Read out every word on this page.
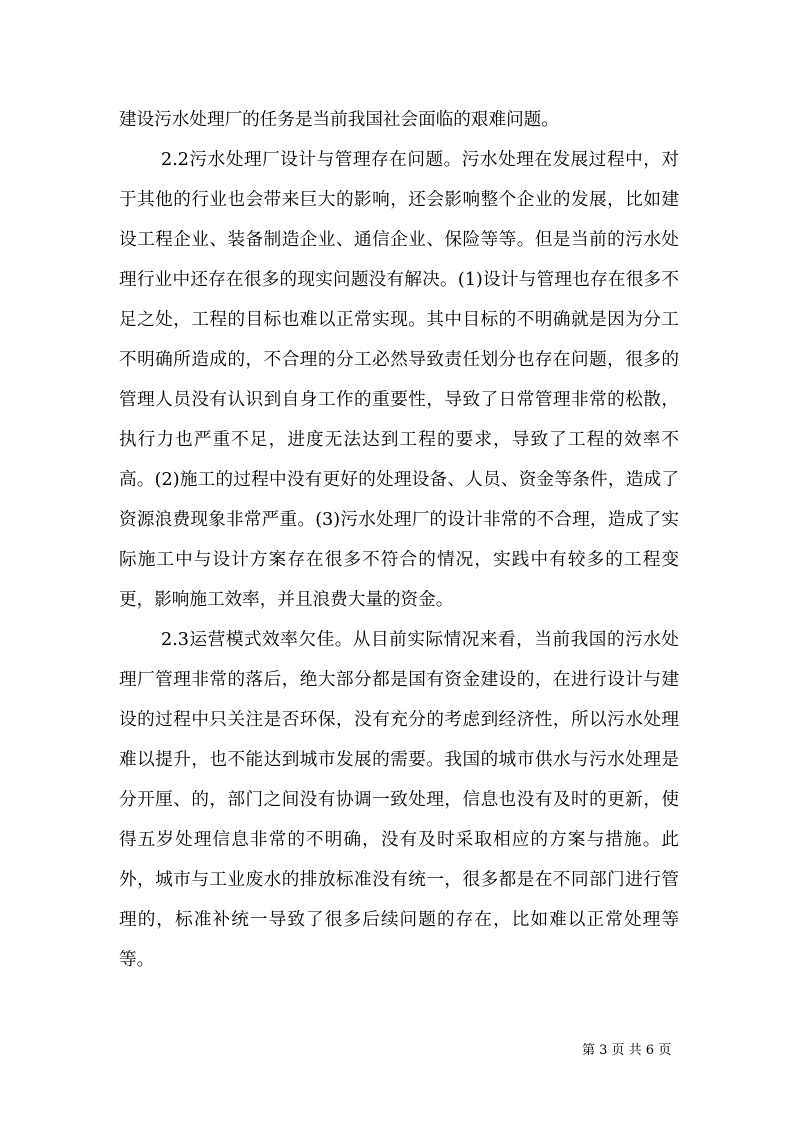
建设污水处理厂的任务是当前我国社会面临的艰难问题。

2.2污水处理厂设计与管理存在问题。污水处理在发展过程中，对于其他的行业也会带来巨大的影响，还会影响整个企业的发展，比如建设工程企业、装备制造企业、通信企业、保险等等。但是当前的污水处理行业中还存在很多的现实问题没有解决。(1)设计与管理也存在很多不足之处，工程的目标也难以正常实现。其中目标的不明确就是因为分工不明确所造成的，不合理的分工必然导致责任划分也存在问题，很多的管理人员没有认识到自身工作的重要性，导致了日常管理非常的松散，执行力也严重不足，进度无法达到工程的要求，导致了工程的效率不高。(2)施工的过程中没有更好的处理设备、人员、资金等条件，造成了资源浪费现象非常严重。(3)污水处理厂的设计非常的不合理，造成了实际施工中与设计方案存在很多不符合的情况，实践中有较多的工程变更，影响施工效率，并且浪费大量的资金。

2.3运营模式效率欠佳。从目前实际情况来看，当前我国的污水处理厂管理非常的落后，绝大部分都是国有资金建设的，在进行设计与建设的过程中只关注是否环保，没有充分的考虑到经济性，所以污水处理难以提升，也不能达到城市发展的需要。我国的城市供水与污水处理是分开厘、的，部门之间没有协调一致处理，信息也没有及时的更新，使得五岁处理信息非常的不明确，没有及时采取相应的方案与措施。此外，城市与工业废水的排放标准没有统一，很多都是在不同部门进行管理的，标准补统一导致了很多后续问题的存在，比如难以正常处理等等。

第 3 页 共 6 页
